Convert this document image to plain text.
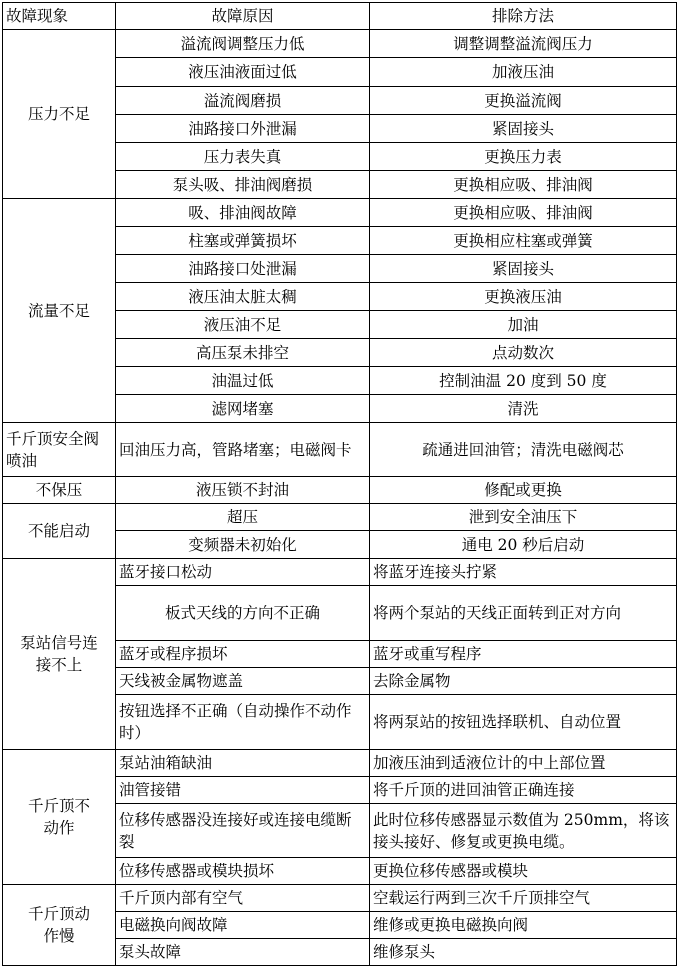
故障现象	故障原因	排除方法
压力不足	溢流阀调整压力低	调整调整溢流阀压力
	液压油液面过低	加液压油
	溢流阀磨损	更换溢流阀
	油路接口外泄漏	紧固接头
	压力表失真	更换压力表
	泵头吸、排油阀磨损	更换相应吸、排油阀
流量不足	吸、排油阀故障	更换相应吸、排油阀
	柱塞或弹簧损坏	更换相应柱塞或弹簧
	油路接口处泄漏	紧固接头
	液压油太脏太稠	更换液压油
	液压油不足	加油
	高压泵未排空	点动数次
	油温过低	控制油温 20 度到 50 度
	滤网堵塞	清洗
千斤顶安全阀喷油	回油压力高，管路堵塞；电磁阀卡	疏通进回油管；清洗电磁阀芯
不保压	液压锁不封油	修配或更换
不能启动	超压	泄到安全油压下
	变频器未初始化	通电 20 秒后启动
泵站信号连接不上	蓝牙接口松动	将蓝牙连接头拧紧
	板式天线的方向不正确	将两个泵站的天线正面转到正对方向
	蓝牙或程序损坏	蓝牙或重写程序
	天线被金属物遮盖	去除金属物
	按钮选择不正确（自动操作不动作时）	将两泵站的按钮选择联机、自动位置
千斤顶不动作	泵站油箱缺油	加液压油到适液位计的中上部位置
	油管接错	将千斤顶的进回油管正确连接
	位移传感器没连接好或连接电缆断裂	此时位移传感器显示数值为 250mm，将该接头接好、修复或更换电缆。
	位移传感器或模块损坏	更换位移传感器或模块
千斤顶动作慢	千斤顶内部有空气	空载运行两到三次千斤顶排空气
	电磁换向阀故障	维修或更换电磁换向阀
	泵头故障	维修泵头
